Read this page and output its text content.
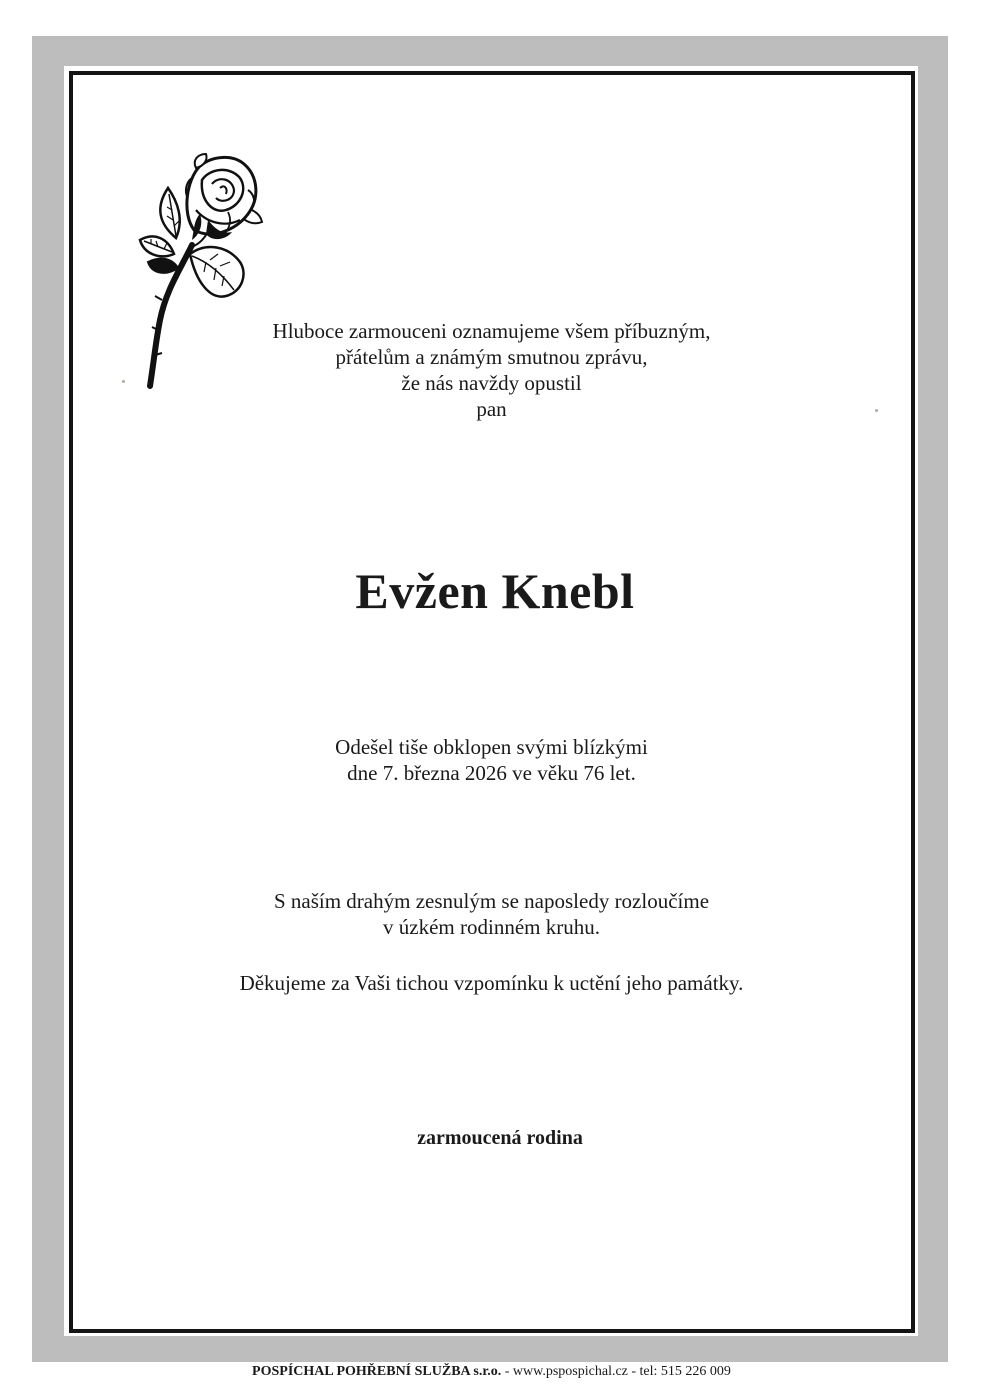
Hluboce zarmouceni oznamujeme všem příbuzným,
přátelům a známým smutnou zprávu,
že nás navždy opustil
pan
Evžen Knebl
Odešel tiše obklopen svými blízkými
dne 7. března 2026 ve věku 76 let.
S naším drahým zesnulým se naposledy rozloučíme
v úzkém rodinném kruhu.
Děkujeme za Vaši tichou vzpomínku k uctění jeho památky.
zarmoucená rodina
POSPÍCHAL POHŘEBNÍ SLUŽBA s.r.o. - www.pspospichal.cz - tel: 515 226 009
